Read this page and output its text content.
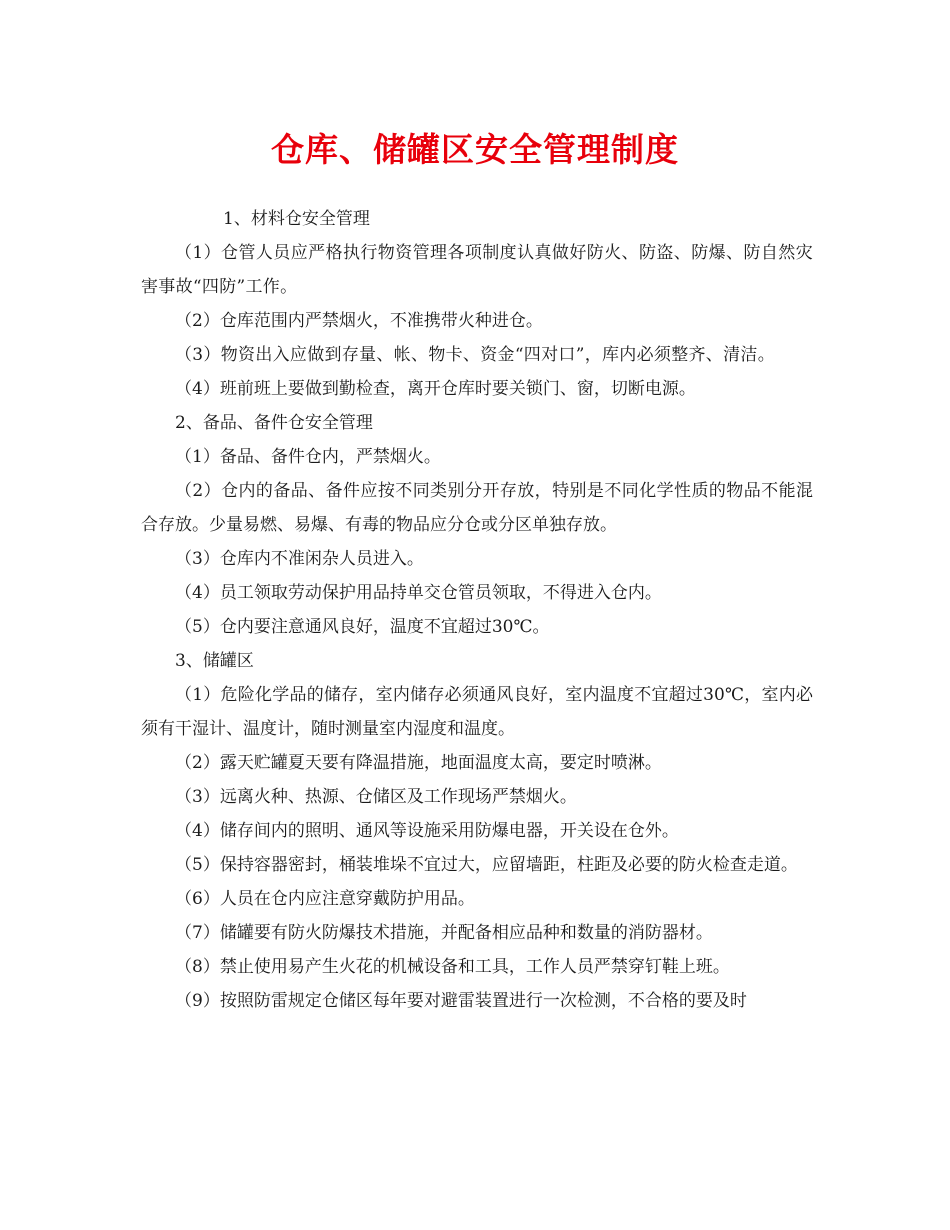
仓库、储罐区安全管理制度

1、材料仓安全管理

（1）仓管人员应严格执行物资管理各项制度认真做好防火、防盗、防爆、防自然灾害事故“四防”工作。

（2）仓库范围内严禁烟火，不准携带火种进仓。

（3）物资出入应做到存量、帐、物卡、资金“四对口”，库内必须整齐、清洁。

（4）班前班上要做到勤检查，离开仓库时要关锁门、窗，切断电源。

2、备品、备件仓安全管理

（1）备品、备件仓内，严禁烟火。

（2）仓内的备品、备件应按不同类别分开存放，特别是不同化学性质的物品不能混合存放。少量易燃、易爆、有毒的物品应分仓或分区单独存放。

（3）仓库内不准闲杂人员进入。

（4）员工领取劳动保护用品持单交仓管员领取，不得进入仓内。

（5）仓内要注意通风良好，温度不宜超过30℃。

3、储罐区

（1）危险化学品的储存，室内储存必须通风良好，室内温度不宜超过30℃，室内必须有干湿计、温度计，随时测量室内湿度和温度。

（2）露天贮罐夏天要有降温措施，地面温度太高，要定时喷淋。

（3）远离火种、热源、仓储区及工作现场严禁烟火。

（4）储存间内的照明、通风等设施采用防爆电器，开关设在仓外。

（5）保持容器密封，桶装堆垛不宜过大，应留墙距，柱距及必要的防火检查走道。

（6）人员在仓内应注意穿戴防护用品。

（7）储罐要有防火防爆技术措施，并配备相应品种和数量的消防器材。

（8）禁止使用易产生火花的机械设备和工具，工作人员严禁穿钉鞋上班。

（9）按照防雷规定仓储区每年要对避雷装置进行一次检测，不合格的要及时
